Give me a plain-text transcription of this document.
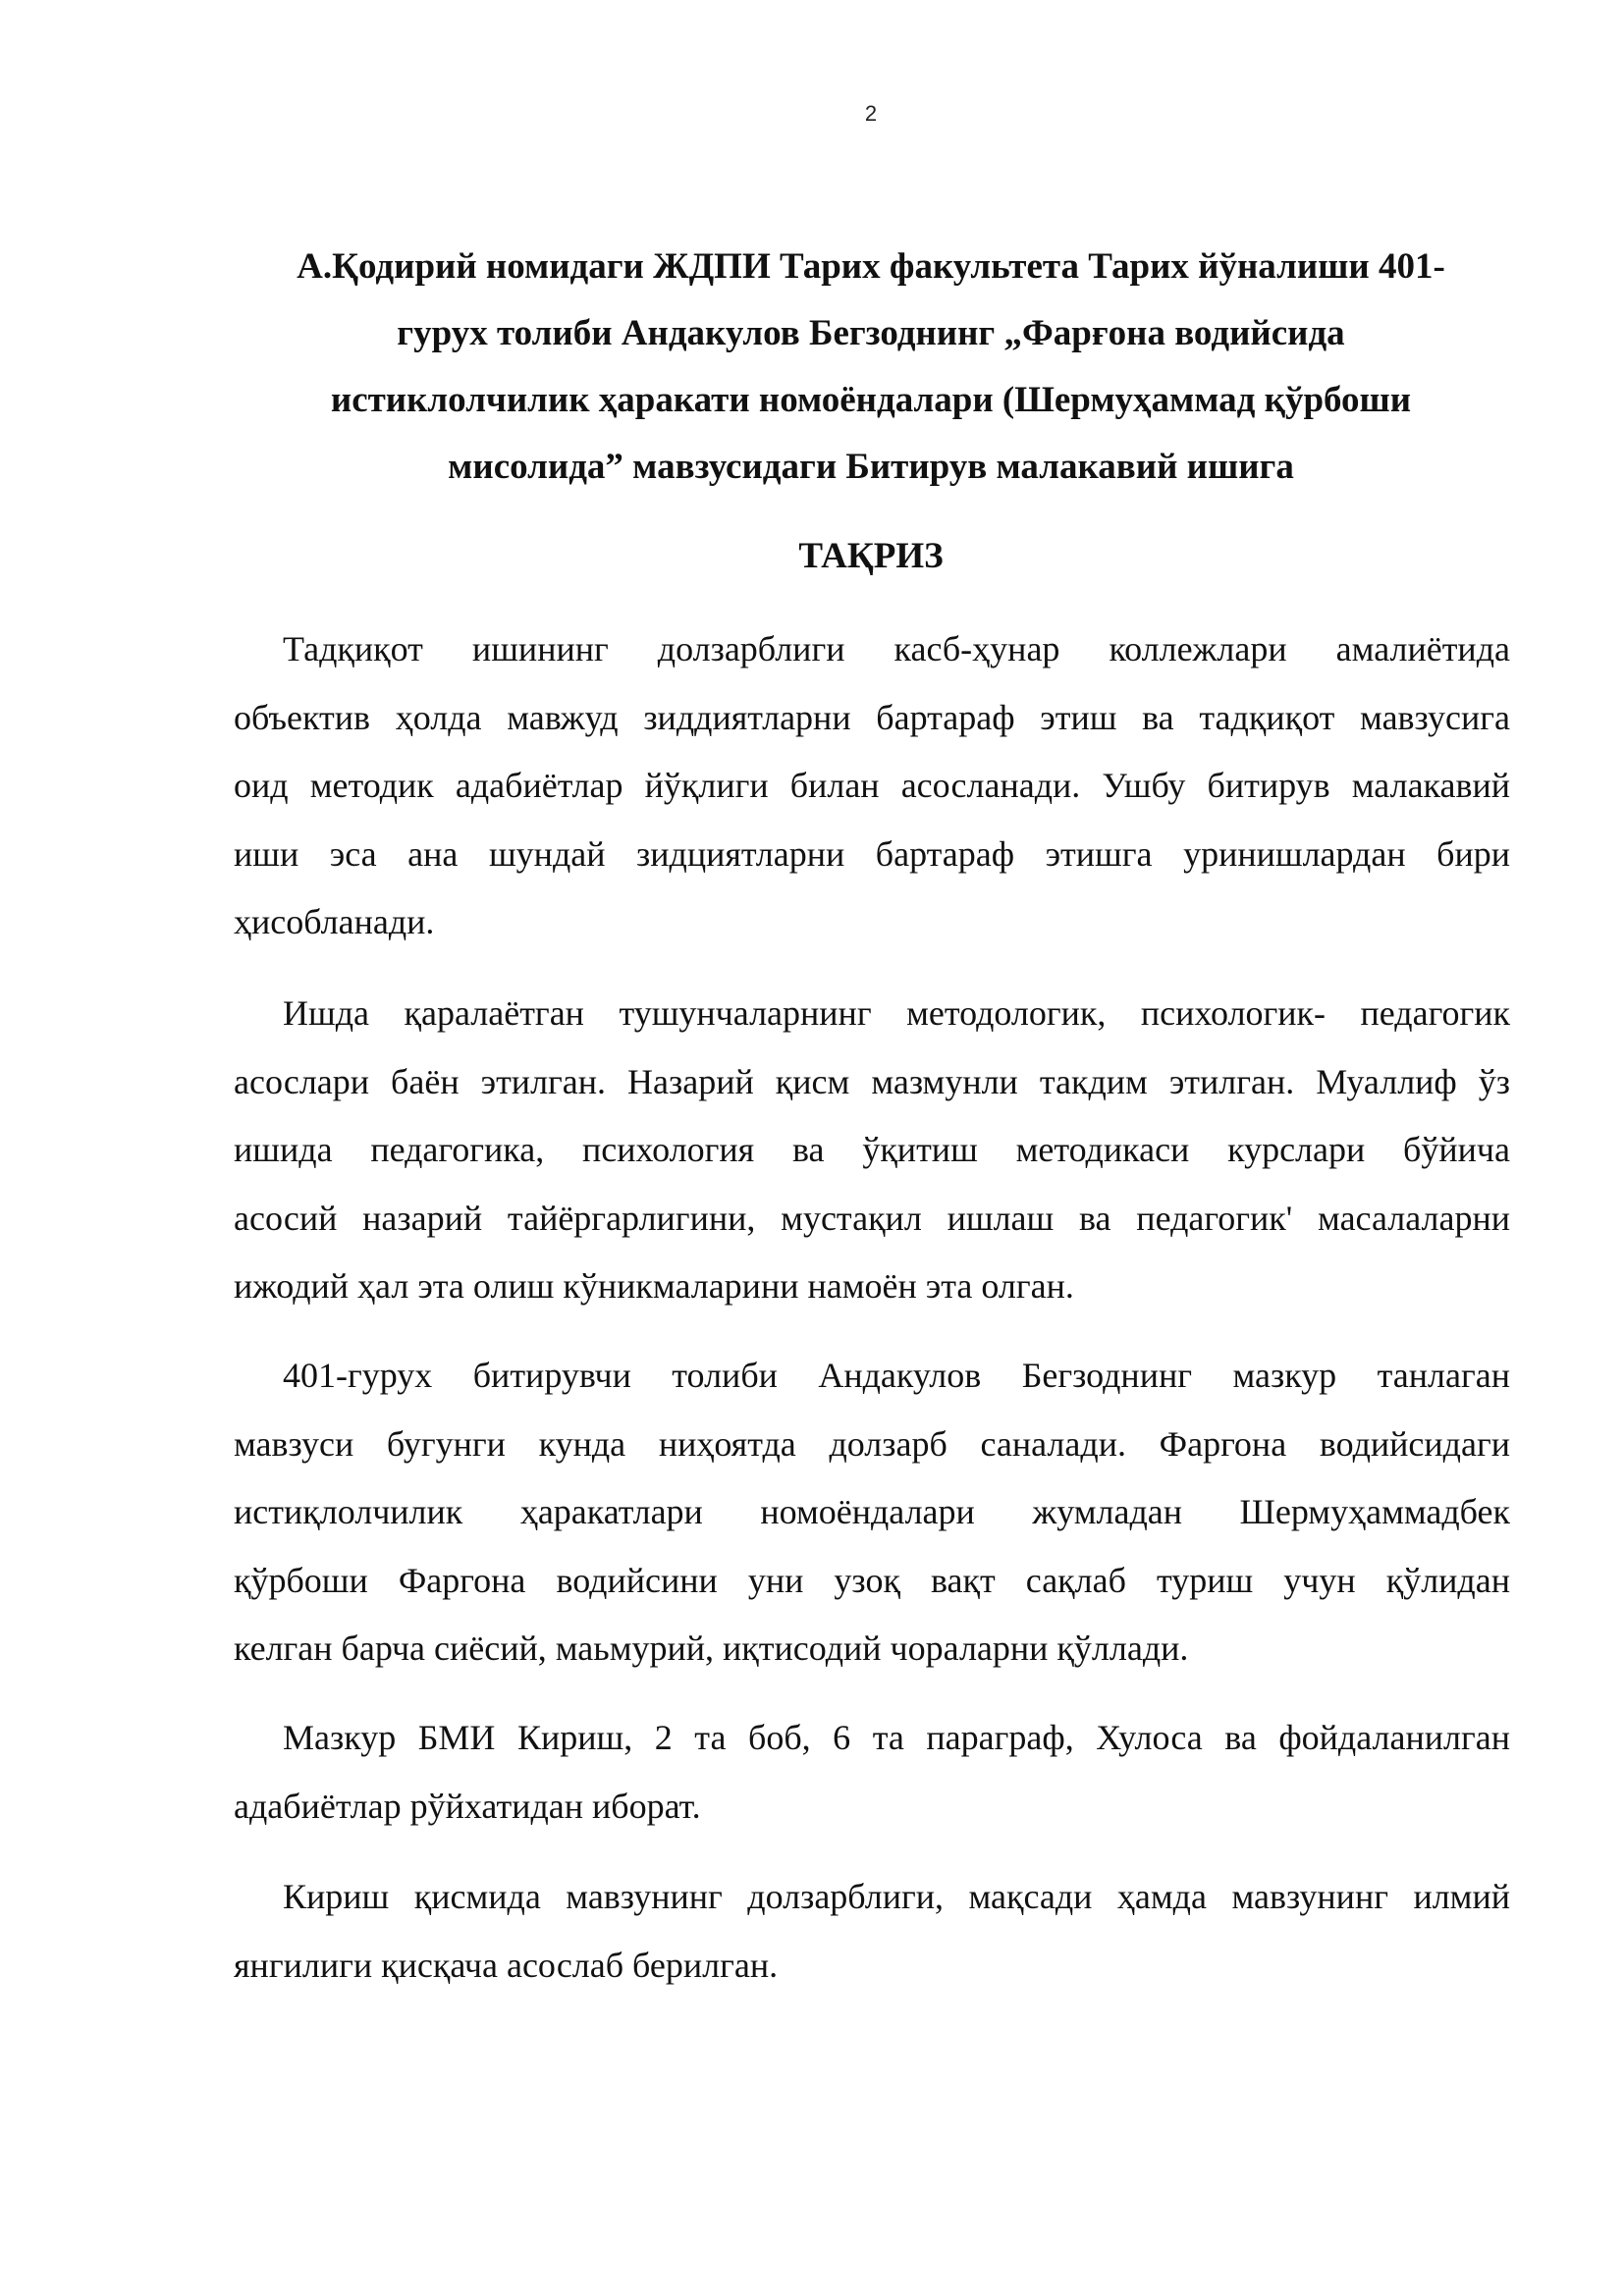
2
А.Қодирий номидаги ЖДПИ Тарих факультета Тарих йўналиши 401-
гурух толиби Андакулов Бегзоднинг „Фарғона водийсида
истиклолчилик ҳаракати номоёндалари (Шермуҳаммад қўрбоши
мисолида” мавзусидаги Битирув малакавий ишига
ТАҚРИЗ
Тадқиқот ишининг долзарблиги касб-ҳунар коллежлари амалиётида
объектив ҳолда мавжуд зиддиятларни бартараф этиш ва тадқиқот мавзусига
оид методик адабиётлар йўқлиги билан асосланади. Ушбу битирув малакавий
иши эса ана шундай зидциятларни бартараф этишга уринишлардан бири
ҳисобланади.
Ишда қаралаётган тушунчаларнинг методологик, психологик- педагогик
асослари баён этилган. Назарий қисм мазмунли такдим этилган. Муаллиф ўз
ишида педагогика, психология ва ўқитиш методикаси курслари бўйича
асосий назарий тайёргарлигини, мустақил ишлаш ва педагогик' масалаларни
ижодий ҳал эта олиш кўникмаларини намоён эта олган.
401-гурух битирувчи толиби Андакулов Бегзоднинг мазкур танлаган
мавзуси бугунги кунда ниҳоятда долзарб саналади. Фаргона водийсидаги
истиқлолчилик ҳаракатлари номоёндалари жумладан Шермуҳаммадбек
қўрбоши Фаргона водийсини уни узоқ вақт сақлаб туриш учун қўлидан
келган барча сиёсий, маьмурий, иқтисодий чораларни қўллади.
Мазкур БМИ Кириш, 2 та боб, 6 та параграф, Хулоса ва фойдаланилган
адабиётлар рўйхатидан иборат.
Кириш қисмида мавзунинг долзарблиги, мақсади ҳамда мавзунинг илмий
янгилиги қисқача асослаб берилган.
